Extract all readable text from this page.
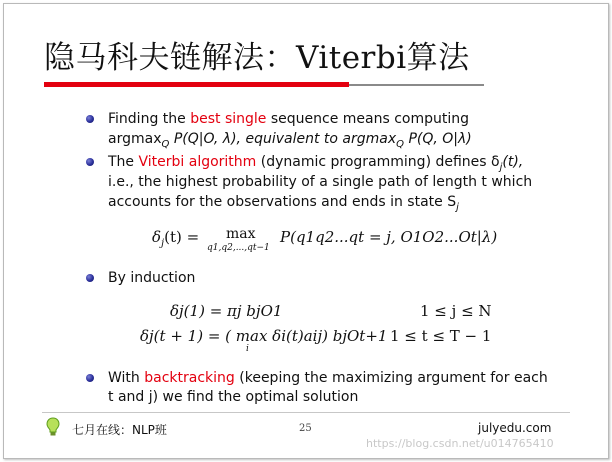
隐马科夫链解法：Viterbi算法
Finding the best single sequence means computing
argmax$_Q$ P(Q|O, λ), equivalent to argmax$_Q$ P(Q, O|λ)
The Viterbi algorithm (dynamic programming) defines $\delta_j(t)$,
i.e., the highest probability of a single path of length t which
accounts for the observations and ends in state $S_j$
$\delta_j(t) = \max$
q1,q2,...,qt−1
P(q1q2...qt = j, O1O2...Ot|λ)
By induction
δj(1) = πj bjO1	1 ≤ j ≤ N
δj(t + 1) = ( max δi(t)aij) bjOt+1
i
1 ≤ t ≤ T − 1
With backtracking (keeping the maximizing argument for each
t and j) we find the optimal solution
七月在线：NLP班	25	julyedu.com
https://blog.csdn.net/u014765410
